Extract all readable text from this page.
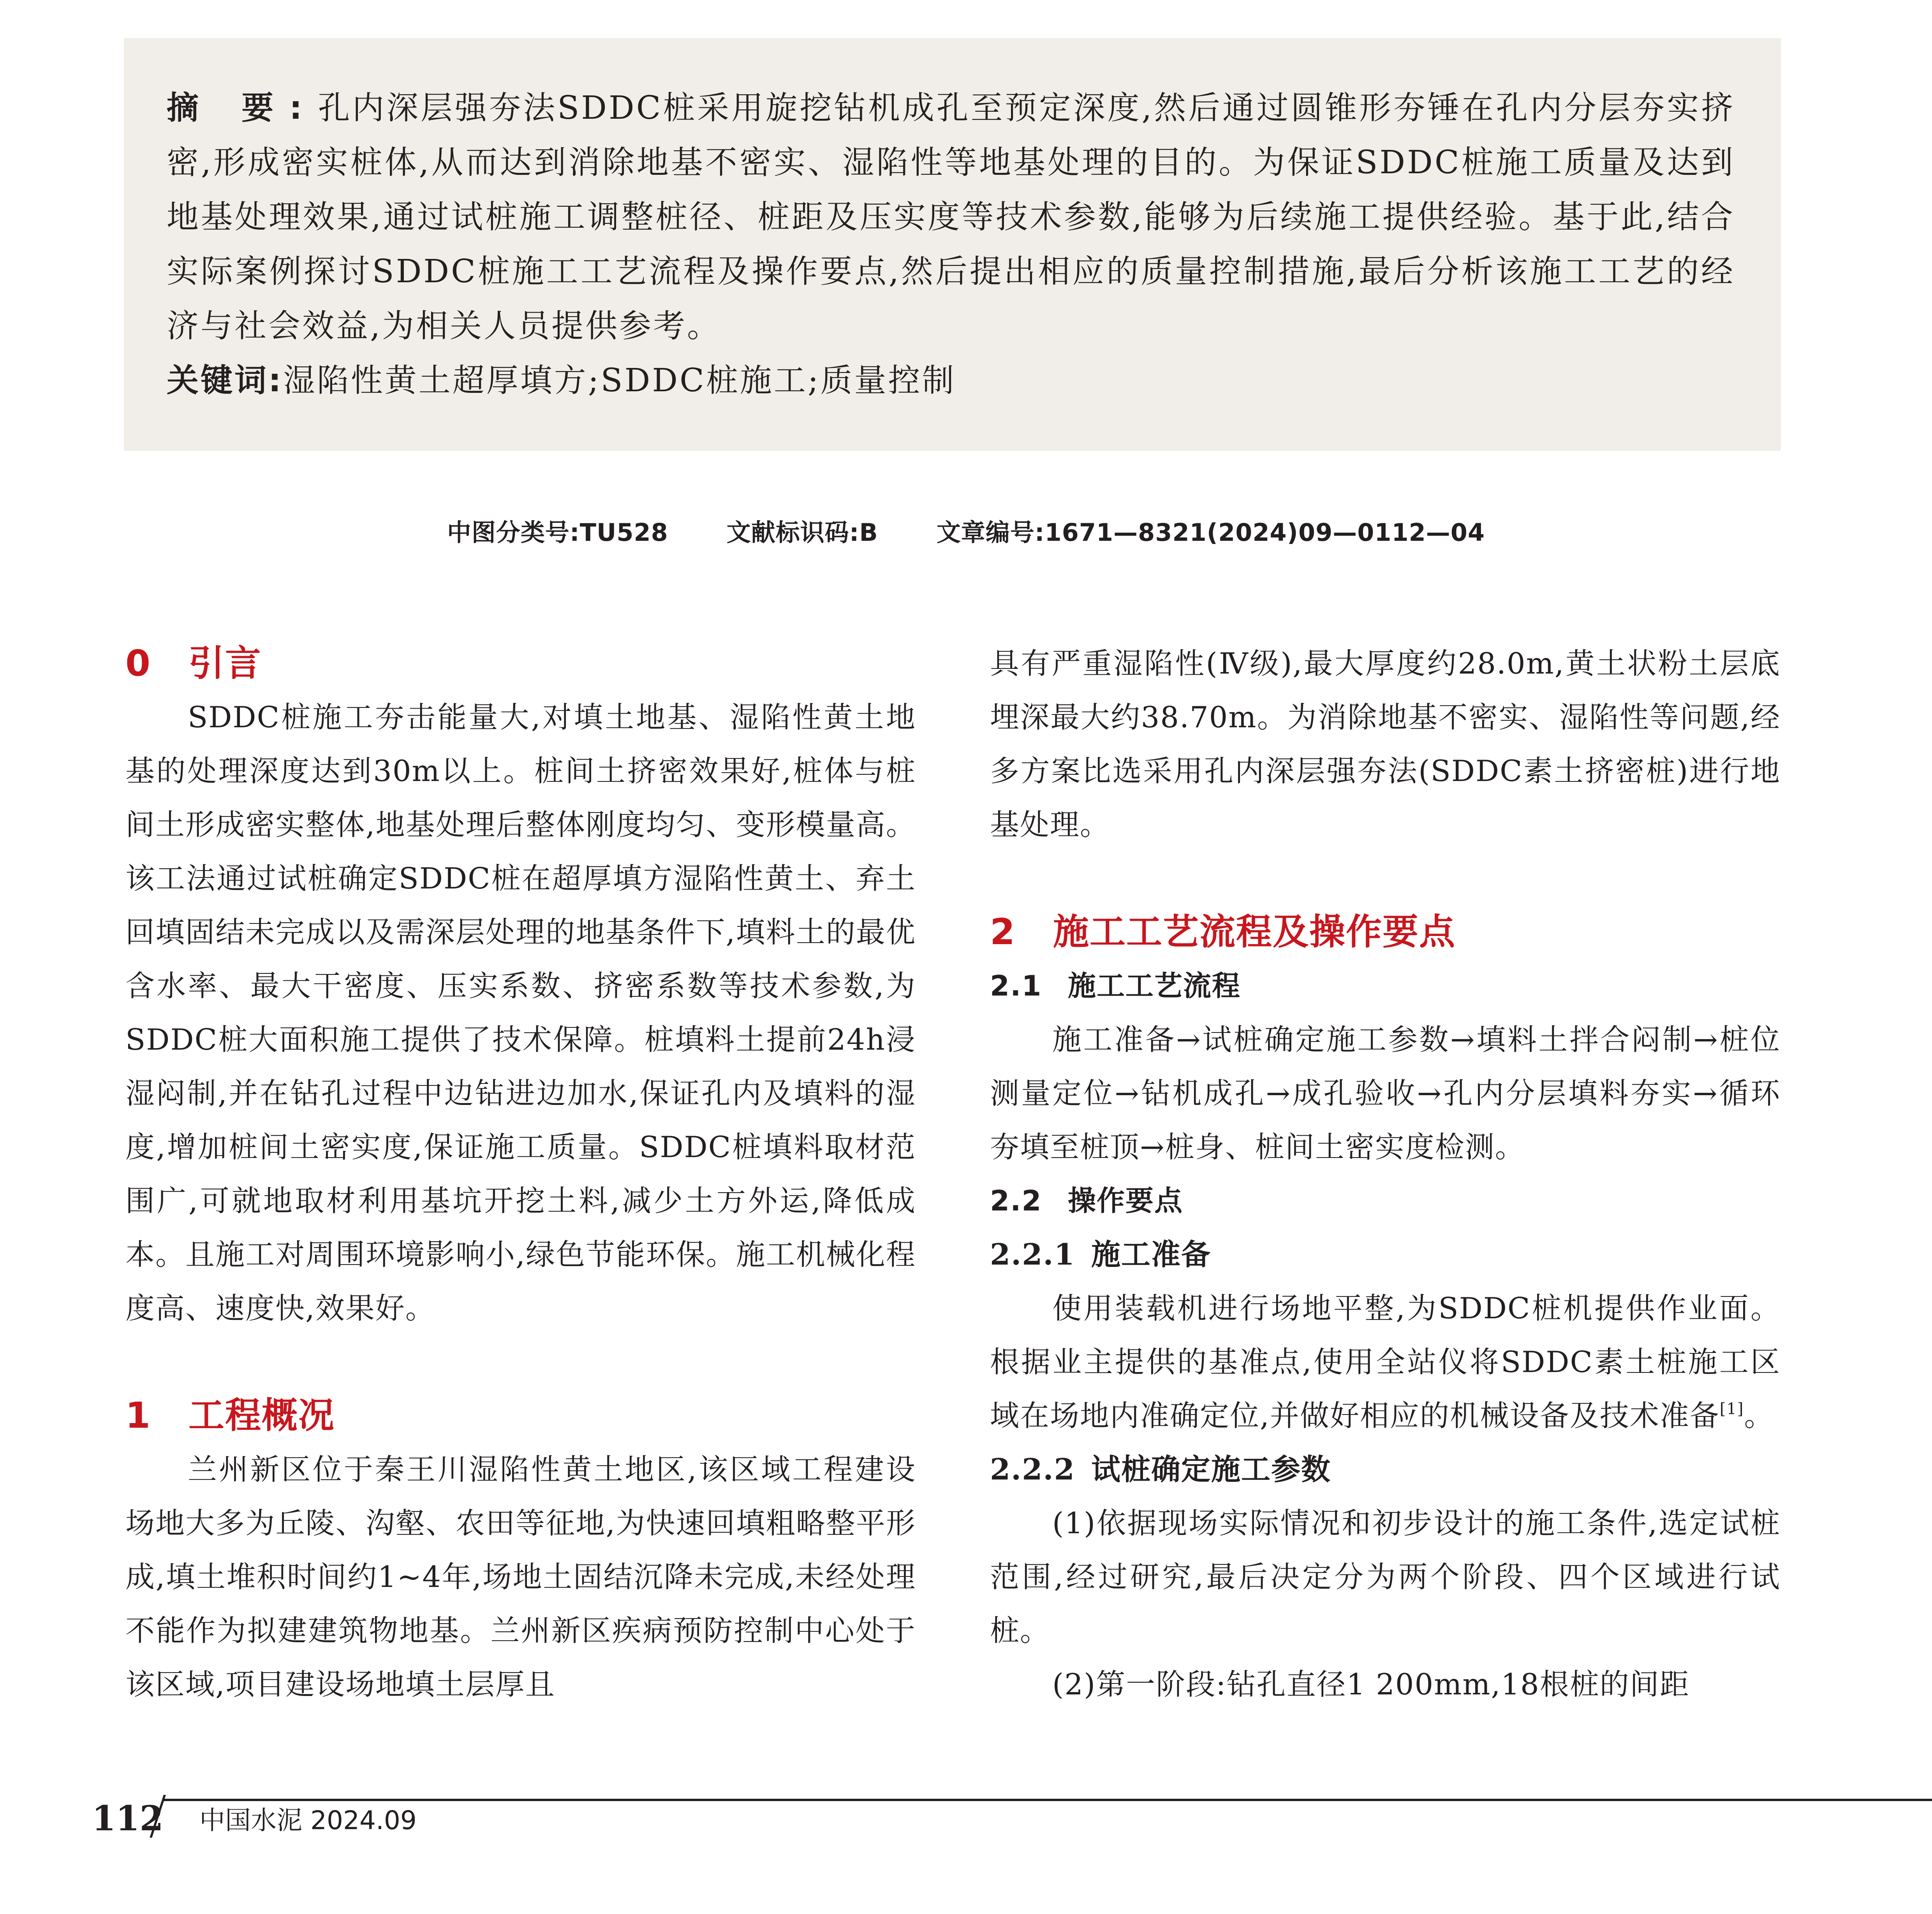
摘 要:孔内深层强夯法SDDC桩采用旋挖钻机成孔至预定深度,然后通过圆锥形夯锤在孔内分层夯实挤密,形成密实桩体,从而达到消除地基不密实、湿陷性等地基处理的目的。为保证SDDC桩施工质量及达到地基处理效果,通过试桩施工调整桩径、桩距及压实度等技术参数,能够为后续施工提供经验。基于此,结合实际案例探讨SDDC桩施工工艺流程及操作要点,然后提出相应的质量控制措施,最后分析该施工工艺的经济与社会效益,为相关人员提供参考。

关键词:湿陷性黄土超厚填方;SDDC桩施工;质量控制

中图分类号:TU528 文献标识码:B 文章编号:1671—8321(2024)09—0112—04
0 引言

SDDC桩施工夯击能量大,对填土地基、湿陷性黄土地基的处理深度达到30m以上。桩间土挤密效果好,桩体与桩间土形成密实整体,地基处理后整体刚度均匀、变形模量高。该工法通过试桩确定SDDC桩在超厚填方湿陷性黄土、弃土回填固结未完成以及需深层处理的地基条件下,填料土的最优含水率、最大干密度、压实系数、挤密系数等技术参数,为SDDC桩大面积施工提供了技术保障。桩填料土提前24h浸湿闷制,并在钻孔过程中边钻进边加水,保证孔内及填料的湿度,增加桩间土密实度,保证施工质量。SDDC桩填料取材范围广,可就地取材利用基坑开挖土料,减少土方外运,降低成本。且施工对周围环境影响小,绿色节能环保。施工机械化程度高、速度快,效果好。

1 工程概况

兰州新区位于秦王川湿陷性黄土地区,该区域工程建设场地大多为丘陵、沟壑、农田等征地,为快速回填粗略整平形成,填土堆积时间约1~4年,场地土固结沉降未完成,未经处理不能作为拟建建筑物地基。兰州新区疾病预防控制中心处于该区域,项目建设场地填土层厚且

具有严重湿陷性(Ⅳ级),最大厚度约28.0m,黄土状粉土层底埋深最大约38.70m。为消除地基不密实、湿陷性等问题,经多方案比选采用孔内深层强夯法(SDDC素土挤密桩)进行地基处理。

2 施工工艺流程及操作要点
2.1 施工工艺流程

施工准备→试桩确定施工参数→填料土拌合闷制→桩位测量定位→钻机成孔→成孔验收→孔内分层填料夯实→循环夯填至桩顶→桩身、桩间土密实度检测。

2.2 操作要点
2.2.1 施工准备

使用装载机进行场地平整,为SDDC桩机提供作业面。根据业主提供的基准点,使用全站仪将SDDC素土桩施工区域在场地内准确定位,并做好相应的机械设备及技术准备[1]。

2.2.2 试桩确定施工参数

(1)依据现场实际情况和初步设计的施工条件,选定试桩范围,经过研究,最后决定分为两个阶段、四个区域进行试桩。

(2)第一阶段:钻孔直径1 200mm,18根桩的间距

112 中国水泥 2024.09
